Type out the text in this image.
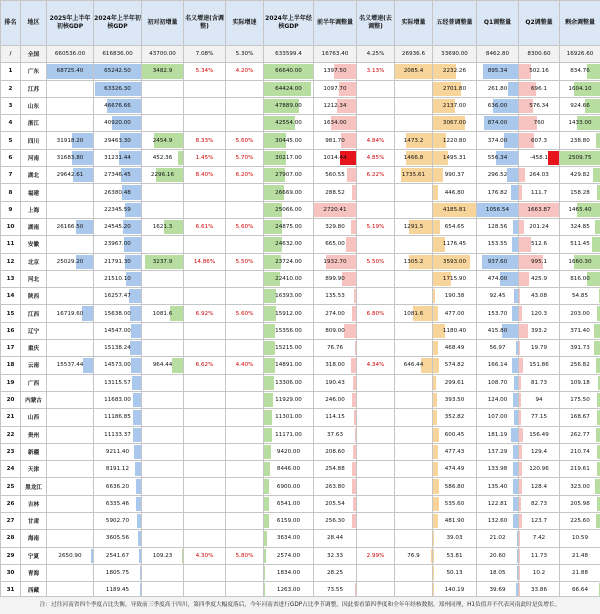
排名	地区	2025年上半年初核GDP	2024年上半年初核GDP	初对初增量	名义增速(含调整)	实际增速	2024年上半年经核GDP	前半年调整量	名义增速(去调整)	实际增量	五经普调整量	Q1调整量	Q2调整量	剩余调整量
/	全国	660536.00	616836.00	43700.00	7.08%	5.30%	633599.4	16763.40	4.25%	26936.6	33690.00	8462.80	8300.60	16926.60
1	广东	68725.40	65242.50	3482.9	5.34%	4.20%	66640.00	1397.50	3.13%	2085.4	2232.26	895.34	502.16	834.76
2	江苏		63326.30				64424.00	1097.70			2701.80	261.80	696.1	1604.10
3	山东		46676.66				47889.00	1212.34			2137.00	636.00	576.34	924.66
4	浙江		40920.00				42554.00	1634.00			3067.00	874.00	760	1433.00
5	四川	31918.20	29463.30	2454.9	8.33%	5.60%	30445.00	981.70	4.84%	1473.2	1220.80	374.00	607.3	238.80
6	河南	31683.80	31231.44	452.36	1.45%	5.70%	30217.00	1014.44	4.85%	1466.8	1495.31	556.34	-458.1	2509.75
7	湖北	29642.61	27346.45	2296.16	8.40%	6.20%	27907.00	560.55	6.22%	1735.61	990.37	296.52	264.03	429.82
8	福建		26380.48				26669.00	288.52			446.80	176.82	111.7	158.28
9	上海		22345.59				25066.00	2720.41			4185.81	1056.54	1663.87	1465.40
10	湖南	26166.50	24545.20	1621.3	6.61%	5.60%	24875.00	329.80	5.19%	1291.5	654.65	128.56	201.24	324.85
11	安徽		23967.00				24632.00	665.00			1176.45	153.55	512.6	511.45
12	北京	25029.20	21791.30	3237.9	14.86%	5.50%	23724.00	1932.70	5.50%	1305.2	3593.00	937.60	995.1	1660.30
13	河北		21510.10				22410.00	899.90			1715.90	474.00	425.9	816.00
14	陕西		16257.47				16393.00	135.53			190.38	92.45	43.08	54.85
15	江西	16719.60	15638.00	1081.6	6.92%	5.60%	15912.00	274.00	6.80%	1081.6	477.00	153.70	120.3	203.00
16	辽宁		14547.00				15356.00	809.00			1180.40	415.80	393.2	371.40
17	重庆		15138.24				15215.00	76.76			468.49	56.97	19.79	391.73
18	云南	15537.44	14573.00	964.44	6.62%	4.40%	14891.00	318.00	4.34%	646.44	574.82	166.14	151.86	256.82
19	广西		13115.57				13306.00	190.43			299.61	108.70	81.73	109.18
20	内蒙古		11683.00				11929.00	246.00			393.50	124.00	94	175.50
21	山西		11186.85				11301.00	114.15			352.82	107.00	77.15	168.67
22	贵州		11133.37				11171.00	37.63			600.45	181.19	156.49	262.77
23	新疆		9211.40				9420.00	208.60			477.43	137.29	129.4	210.74
24	天津		8191.12				8446.00	254.88			474.49	133.98	120.96	219.61
25	黑龙江		6636.20				6900.00	263.80			586.80	135.40	128.4	323.00
26	吉林		6335.46				6541.00	205.54			535.60	122.81	82.73	205.98
27	甘肃		5902.70				6159.00	256.30			481.90	132.60	123.7	225.60
28	海南		3605.56				3634.00	28.44			39.03	21.02	7.42	10.59
29	宁夏	2650.90	2541.67	109.23	4.30%	5.80%	2574.00	32.33	2.99%	76.9	53.81	20.60	11.73	21.48
30	青海		1805.75				1834.00	28.25			50.13	18.05	10.2	21.88
31	西藏		1189.45				1263.00	73.55			140.19	39.69	33.86	66.64
注：过往河南省四个季度占比失衡，导致前三季度高于四川，第四季度大幅度落后，今年河南省进行GDP占比季节调整，因此要看第四季度和全年年经核数据，郑州同理，H1负值并不代表河南此时是负增长。
